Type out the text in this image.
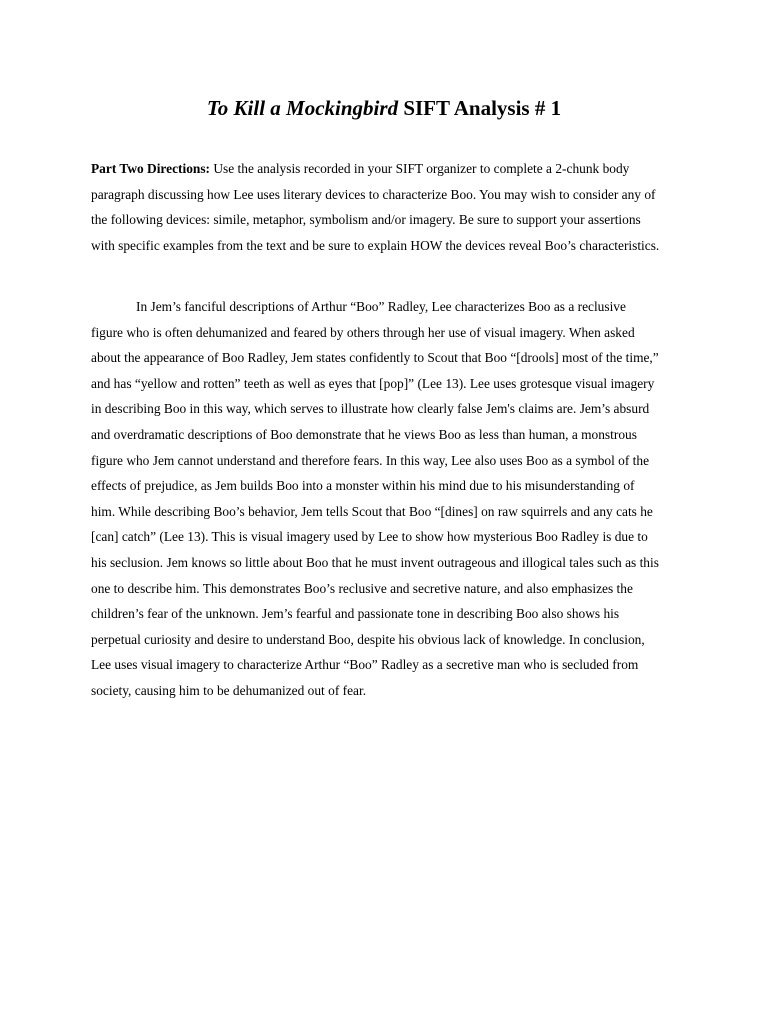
To Kill a Mockingbird SIFT Analysis # 1
Part Two Directions: Use the analysis recorded in your SIFT organizer to complete a 2-chunk body
paragraph discussing how Lee uses literary devices to characterize Boo. You may wish to consider any of
the following devices: simile, metaphor, symbolism and/or imagery. Be sure to support your assertions
with specific examples from the text and be sure to explain HOW the devices reveal Boo’s characteristics.
In Jem’s fanciful descriptions of Arthur “Boo” Radley, Lee characterizes Boo as a reclusive
figure who is often dehumanized and feared by others through her use of visual imagery. When asked
about the appearance of Boo Radley, Jem states confidently to Scout that Boo “[drools] most of the time,”
and has “yellow and rotten” teeth as well as eyes that [pop]” (Lee 13). Lee uses grotesque visual imagery
in describing Boo in this way, which serves to illustrate how clearly false Jem's claims are. Jem’s absurd
and overdramatic descriptions of Boo demonstrate that he views Boo as less than human, a monstrous
figure who Jem cannot understand and therefore fears. In this way, Lee also uses Boo as a symbol of the
effects of prejudice, as Jem builds Boo into a monster within his mind due to his misunderstanding of
him. While describing Boo’s behavior, Jem tells Scout that Boo “[dines] on raw squirrels and any cats he
[can] catch” (Lee 13). This is visual imagery used by Lee to show how mysterious Boo Radley is due to
his seclusion. Jem knows so little about Boo that he must invent outrageous and illogical tales such as this
one to describe him. This demonstrates Boo’s reclusive and secretive nature, and also emphasizes the
children’s fear of the unknown. Jem’s fearful and passionate tone in describing Boo also shows his
perpetual curiosity and desire to understand Boo, despite his obvious lack of knowledge. In conclusion,
Lee uses visual imagery to characterize Arthur “Boo” Radley as a secretive man who is secluded from
society, causing him to be dehumanized out of fear.
